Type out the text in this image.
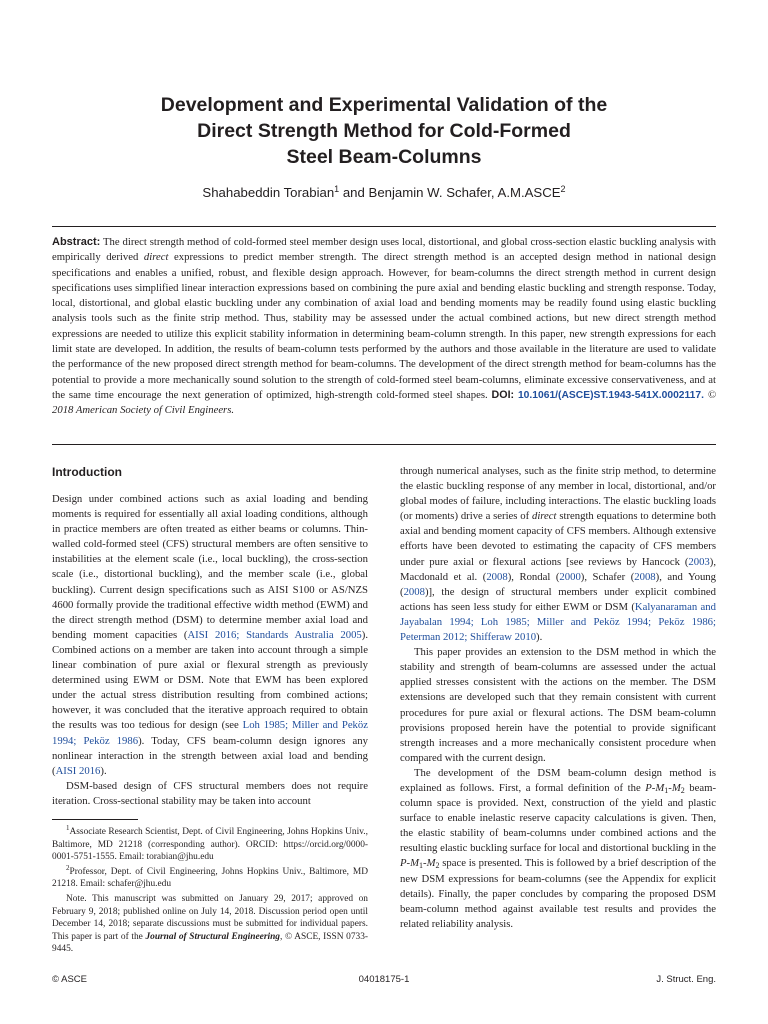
Development and Experimental Validation of the
Direct Strength Method for Cold-Formed
Steel Beam-Columns
Shahabeddin Torabian$^1$ and Benjamin W. Schafer, A.M.ASCE$^2$
Abstract: The direct strength method of cold-formed steel member design uses local, distortional, and global cross-section elastic buckling analysis with empirically derived direct expressions to predict member strength. The direct strength method is an accepted design method in national design specifications and enables a unified, robust, and flexible design approach. However, for beam-columns the direct strength method in current design specifications uses simplified linear interaction expressions based on combining the pure axial and bending elastic buckling and strength response. Today, local, distortional, and global elastic buckling under any combination of axial load and bending moments may be readily found using elastic buckling analysis tools such as the finite strip method. Thus, stability may be assessed under the actual combined actions, but new direct strength method expressions are needed to utilize this explicit stability information in determining beam-column strength. In this paper, new strength expressions for each limit state are developed. In addition, the results of beam-column tests performed by the authors and those available in the literature are used to validate the performance of the new proposed direct strength method for beam-columns. The development of the direct strength method for beam-columns has the potential to provide a more mechanically sound solution to the strength of cold-formed steel beam-columns, eliminate excessive conservativeness, and at the same time encourage the next generation of optimized, high-strength cold-formed steel shapes. DOI: 10.1061/(ASCE)ST.1943-541X.0002117. © 2018 American Society of Civil Engineers.
Introduction

Design under combined actions such as axial loading and bending moments is required for essentially all axial loading conditions, although in practice members are often treated as either beams or columns. Thin-walled cold-formed steel (CFS) structural members are often sensitive to instabilities at the element scale (i.e., local buckling), the cross-section scale (i.e., distortional buckling), and the member scale (i.e., global buckling). Current design specifications such as AISI S100 or AS/NZS 4600 formally provide the traditional effective width method (EWM) and the direct strength method (DSM) to determine member axial load and bending moment capacities (AISI 2016; Standards Australia 2005). Combined actions on a member are taken into account through a simple linear combination of pure axial or flexural strength as previously determined using EWM or DSM. Note that EWM has been explored under the actual stress distribution resulting from combined actions; however, it was concluded that the iterative approach required to obtain the results was too tedious for design (see Loh 1985; Miller and Peköz 1994; Peköz 1986). Today, CFS beam-column design ignores any nonlinear interaction in the strength between axial load and bending (AISI 2016).

DSM-based design of CFS structural members does not require iteration. Cross-sectional stability may be taken into account

through numerical analyses, such as the finite strip method, to determine the elastic buckling response of any member in local, distortional, and/or global modes of failure, including interactions. The elastic buckling loads (or moments) drive a series of direct strength equations to determine both axial and bending moment capacity of CFS members. Although extensive efforts have been devoted to estimating the capacity of CFS members under pure axial or flexural actions [see reviews by Hancock (2003), Macdonald et al. (2008), Rondal (2000), Schafer (2008), and Young (2008)], the design of structural members under explicit combined actions has seen less study for either EWM or DSM (Kalyanaraman and Jayabalan 1994; Loh 1985; Miller and Peköz 1994; Peköz 1986; Peterman 2012; Shifferaw 2010).

This paper provides an extension to the DSM method in which the stability and strength of beam-columns are assessed under the actual applied stresses consistent with the actions on the member. The DSM extensions are developed such that they remain consistent with current procedures for pure axial or flexural actions. The DSM beam-column provisions proposed herein have the potential to provide significant strength increases and a more mechanically consistent procedure when compared with the current design.

The development of the DSM beam-column design method is explained as follows. First, a formal definition of the $P-M_1-M_2$ beam-column space is provided. Next, construction of the yield and plastic surface to enable inelastic reserve capacity calculations is given. Then, the elastic stability of beam-columns under combined actions and the resulting elastic buckling surface for local and distortional buckling in the $P-M_1-M_2$ space is presented. This is followed by a brief description of the new DSM expressions for beam-columns (see the Appendix for explicit details). Finally, the paper concludes by comparing the proposed DSM beam-column method against available test results and provides the related reliability analysis.

$^1$Associate Research Scientist, Dept. of Civil Engineering, Johns Hopkins Univ., Baltimore, MD 21218 (corresponding author). ORCID: https://orcid.org/0000-0001-5751-1555. Email: torabian@jhu.edu

$^2$Professor, Dept. of Civil Engineering, Johns Hopkins Univ., Baltimore, MD 21218. Email: schafer@jhu.edu

Note. This manuscript was submitted on January 29, 2017; approved on February 9, 2018; published online on July 14, 2018. Discussion period open until December 14, 2018; separate discussions must be submitted for individual papers. This paper is part of the Journal of Structural Engineering, © ASCE, ISSN 0733-9445.

© ASCE	04018175-1	J. Struct. Eng.
